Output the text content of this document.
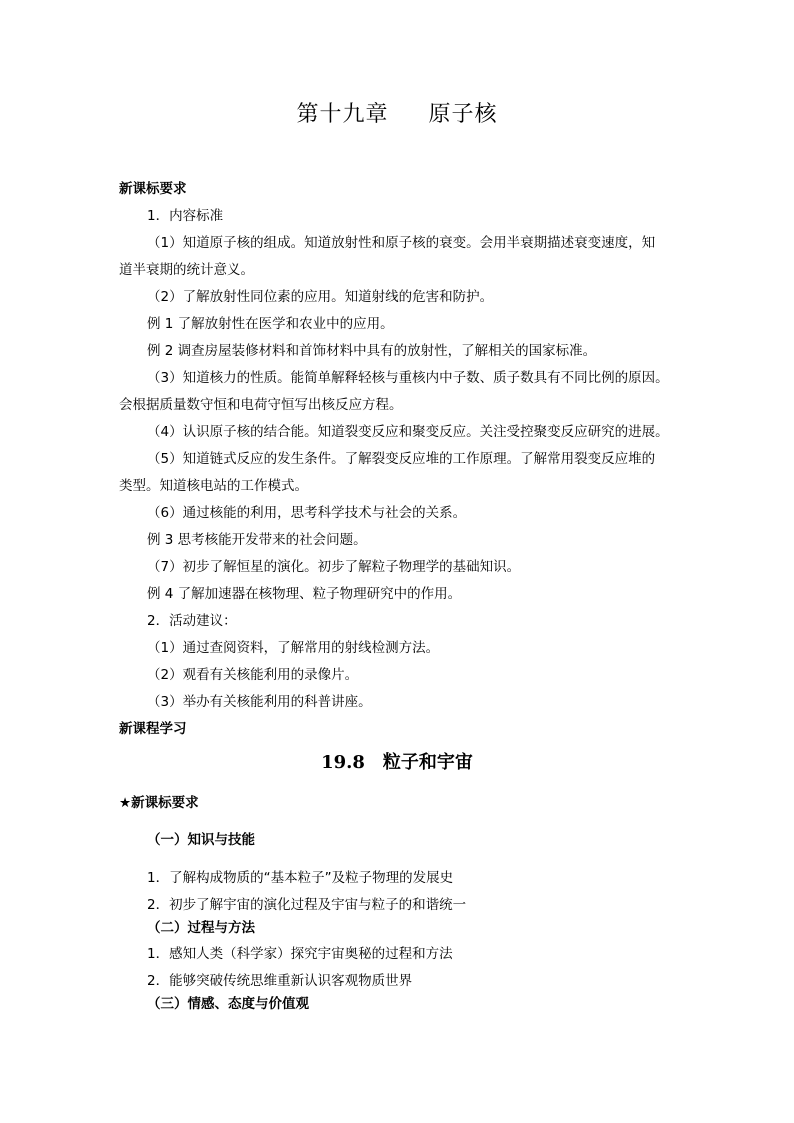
第十九章     原子核
新课标要求
1．内容标准
（1）知道原子核的组成。知道放射性和原子核的衰变。会用半衰期描述衰变速度，知
道半衰期的统计意义。
（2）了解放射性同位素的应用。知道射线的危害和防护。
例 1 了解放射性在医学和农业中的应用。
例 2 调查房屋装修材料和首饰材料中具有的放射性，了解相关的国家标准。
（3）知道核力的性质。能简单解释轻核与重核内中子数、质子数具有不同比例的原因。
会根据质量数守恒和电荷守恒写出核反应方程。
（4）认识原子核的结合能。知道裂变反应和聚变反应。关注受控聚变反应研究的进展。
（5）知道链式反应的发生条件。了解裂变反应堆的工作原理。了解常用裂变反应堆的
类型。知道核电站的工作模式。
（6）通过核能的利用，思考科学技术与社会的关系。
例 3 思考核能开发带来的社会问题。
（7）初步了解恒星的演化。初步了解粒子物理学的基础知识。
例 4 了解加速器在核物理、粒子物理研究中的作用。
2．活动建议：
（1）通过查阅资料，了解常用的射线检测方法。
（2）观看有关核能利用的录像片。
（3）举办有关核能利用的科普讲座。
新课程学习
19.8 粒子和宇宙
★新课标要求
（一）知识与技能
1．了解构成物质的“基本粒子”及粒子物理的发展史
2．初步了解宇宙的演化过程及宇宙与粒子的和谐统一
（二）过程与方法
1．感知人类（科学家）探究宇宙奥秘的过程和方法
2．能够突破传统思维重新认识客观物质世界
（三）情感、态度与价值观
